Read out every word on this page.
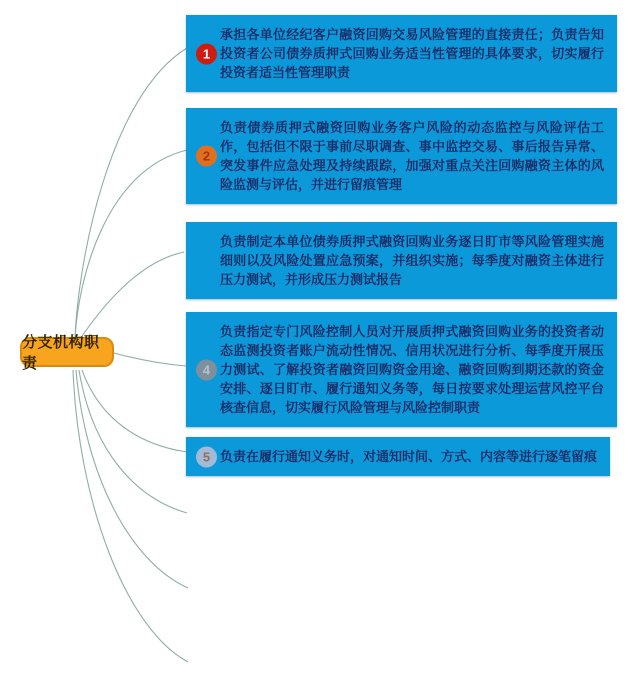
分支机构职责
1
承担各单位经纪客户融资回购交易风险管理的直接责任；负责告知投资者公司债券质押式回购业务适当性管理的具体要求，切实履行投资者适当性管理职责
2
负责债券质押式融资回购业务客户风险的动态监控与风险评估工作，包括但不限于事前尽职调查、事中监控交易、事后报告异常、突发事件应急处理及持续跟踪，加强对重点关注回购融资主体的风险监测与评估，并进行留痕管理
负责制定本单位债券质押式融资回购业务逐日盯市等风险管理实施细则以及风险处置应急预案，并组织实施；每季度对融资主体进行压力测试，并形成压力测试报告
4
负责指定专门风险控制人员对开展质押式融资回购业务的投资者动态监测投资者账户流动性情况、信用状况进行分析、每季度开展压力测试、了解投资者融资回购资金用途、融资回购到期还款的资金安排、逐日盯市、履行通知义务等，每日按要求处理运营风控平台核查信息，切实履行风险管理与风险控制职责
5 负责在履行通知义务时，对通知时间、方式、内容等进行逐笔留痕
